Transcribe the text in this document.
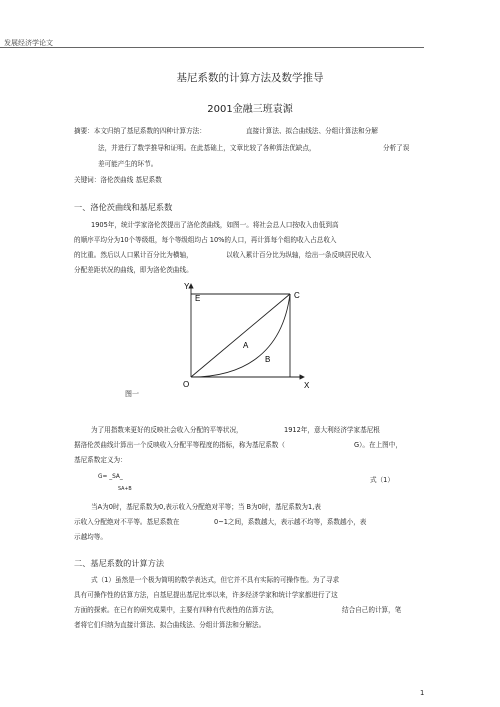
发展经济学论文
基尼系数的计算方法及数学推导
2001金融三班袁源
摘要：本文归纳了基尼系数的四种计算方法：	直接计算法、拟合曲线法、分组计算法和分解
法，并进行了数学推导和证明。在此基础上，文章比较了各种算法优缺点，	分析了误
差可能产生的环节。
关键词：洛伦茨曲线 基尼系数
一、洛伦茨曲线和基尼系数
1905年，统计学家洛伦茨提出了洛伦茨曲线，如图一。将社会总人口按收入由低到高
的顺序平均分为10个等级组，每个等级组均占 10%的人口，再计算每个组的收入占总收入
的比重。然后以人口累计百分比为横轴，	以收入累计百分比为纵轴，绘出一条反映居民收入
分配差距状况的曲线，即为洛伦茨曲线。
Y
E	C
A
B
O	X
图一
为了用指数来更好的反映社会收入分配的平等状况，	1912年，意大利经济学家基尼根
据洛伦茨曲线计算出一个反映收入分配平等程度的指标，称为基尼系数（	G）。在上图中，
基尼系数定义为：
G= _SA_
SA+B
式（1）
当A为0时，基尼系数为0,表示收入分配绝对平等；当 B为0时，基尼系数为1,表
示收入分配绝对不平等。基尼系数在	0~1之间，系数越大，表示越不均等，系数越小，表
示越均等。
二、基尼系数的计算方法
式（1）虽然是一个极为简明的数学表达式，但它并不具有实际的可操作性。为了寻求
具有可操作性的估算方法，自基尼提出基尼比率以来，许多经济学家和统计学家都进行了这
方面的探索。在已有的研究成果中，主要有四种有代表性的估算方法，	结合自己的计算，笔
者将它们归纳为直接计算法、拟合曲线法、分组计算法和分解法。
1
